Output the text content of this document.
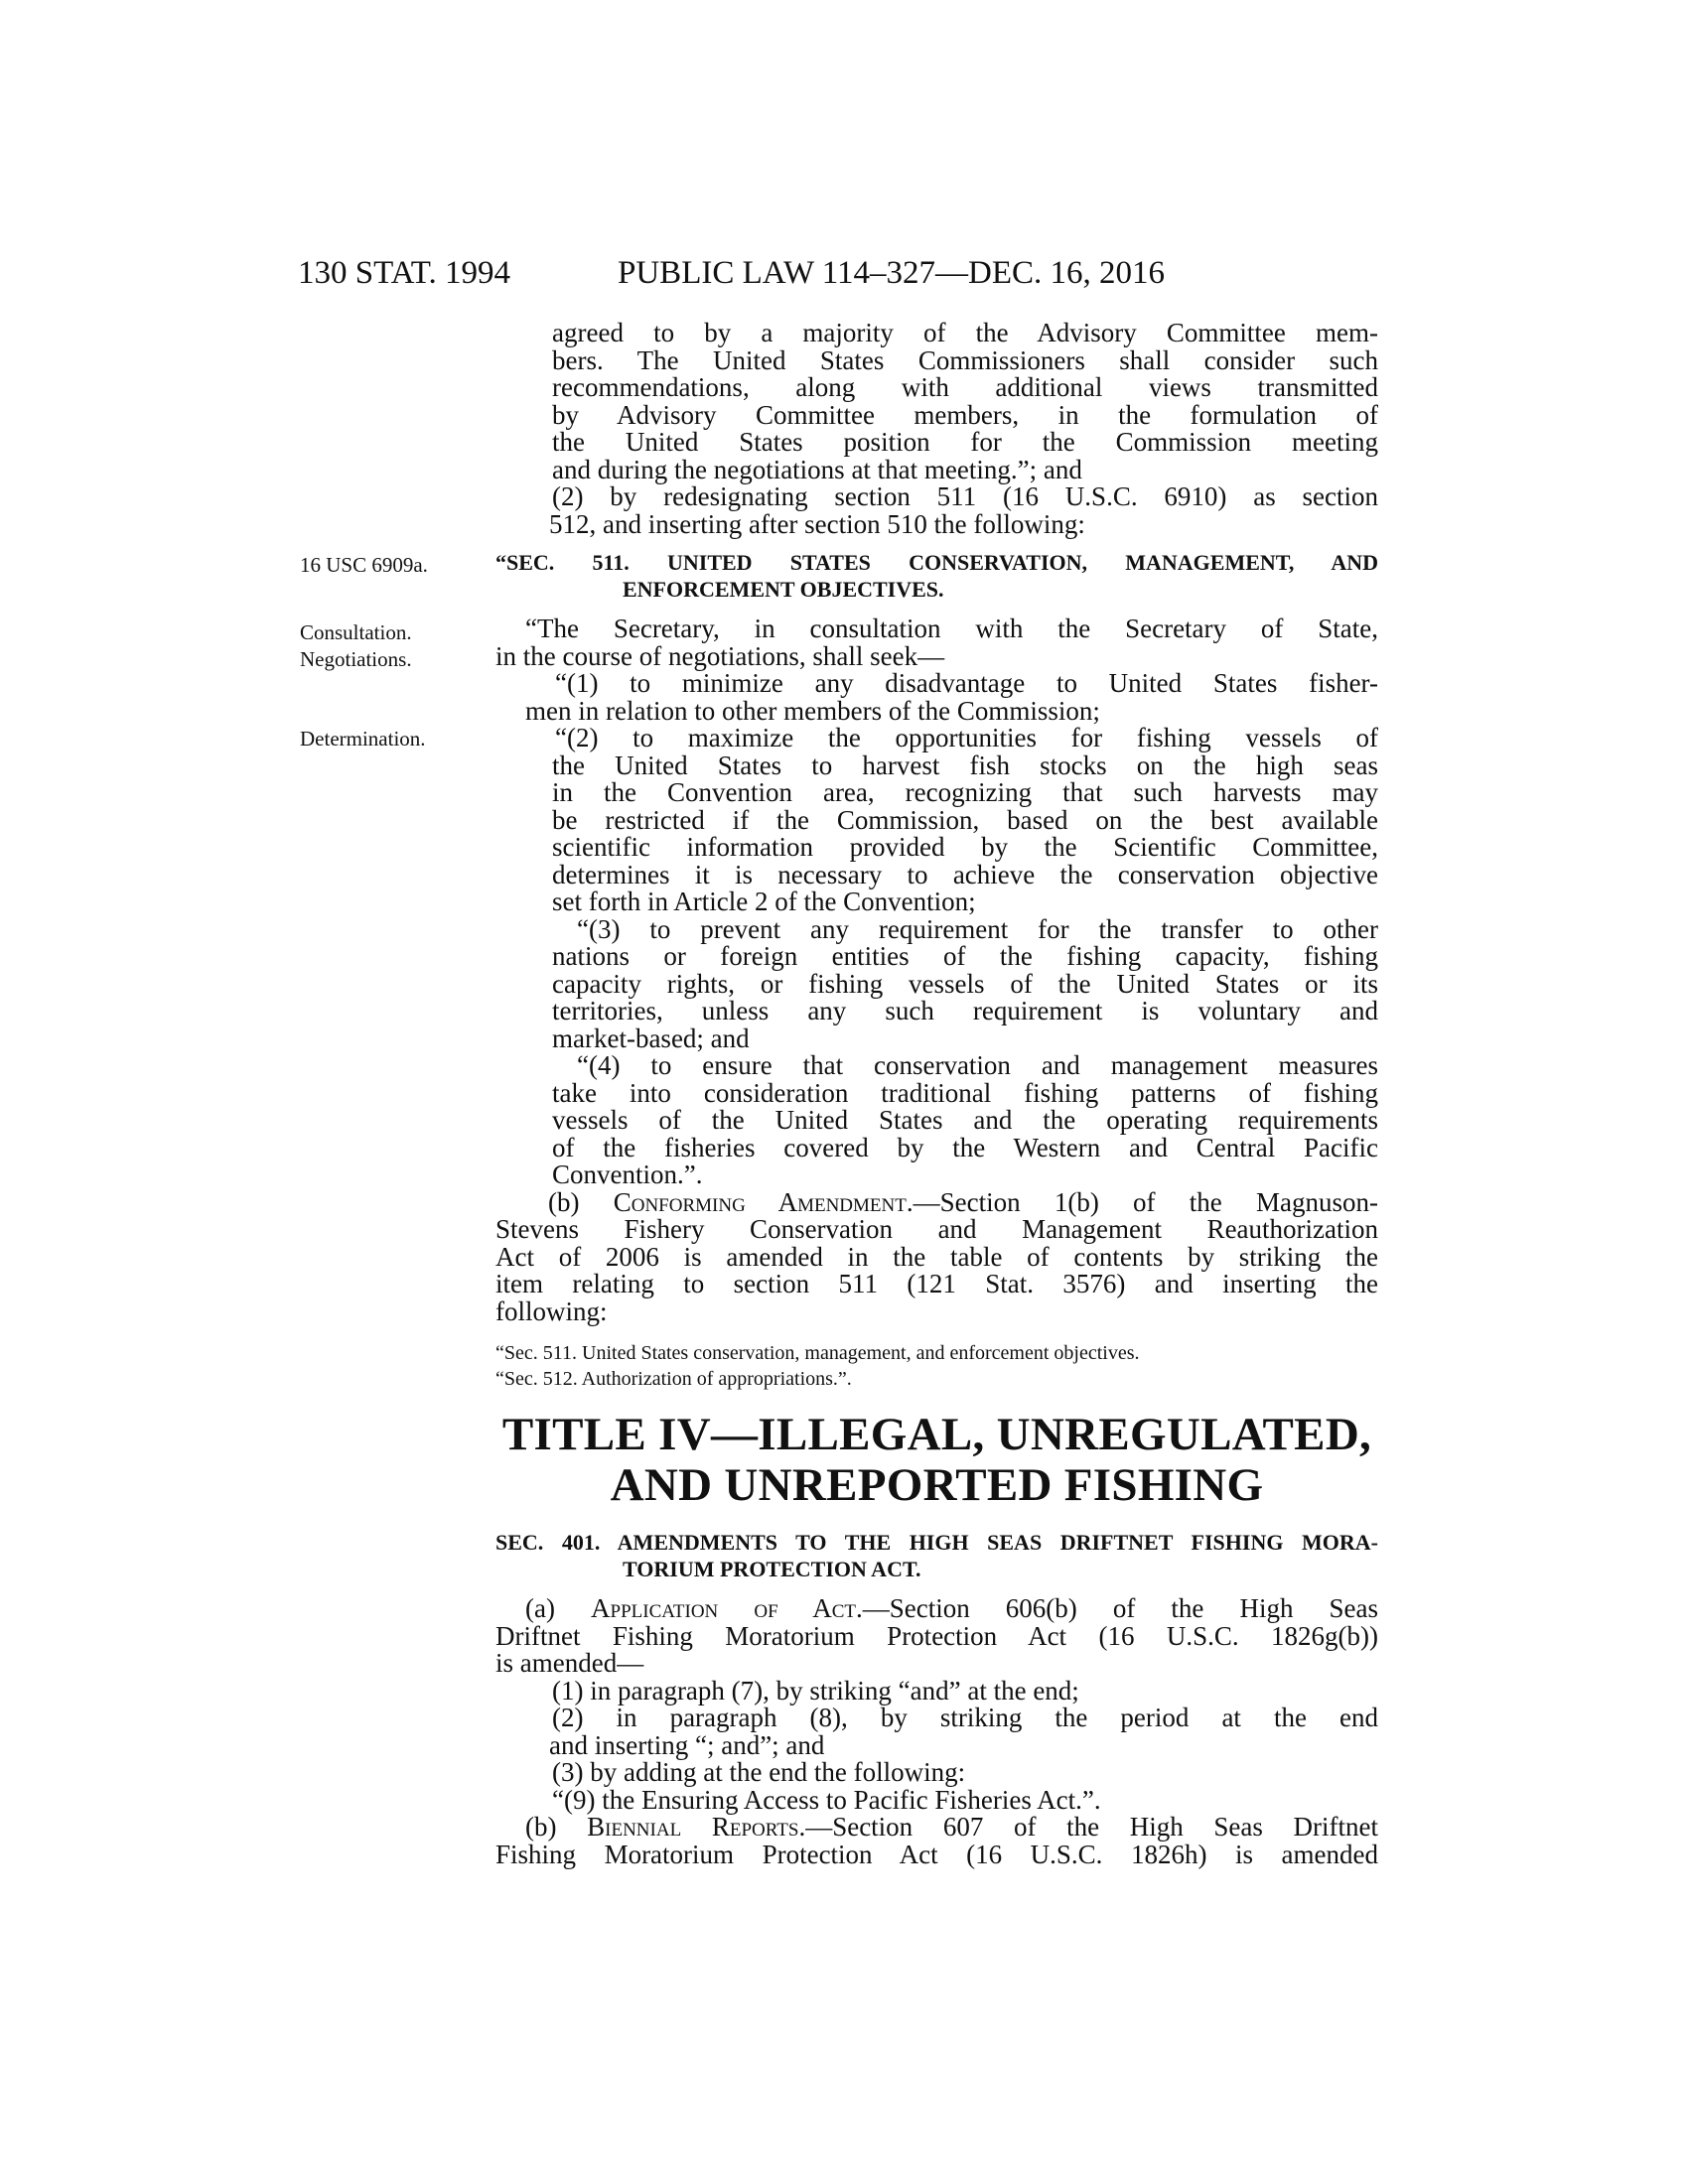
130 STAT. 1994	PUBLIC LAW 114–327—DEC. 16, 2016
16 USC 6909a.
Consultation.
Negotiations.
Determination.
agreed to by a majority of the Advisory Committee mem-
bers. The United States Commissioners shall consider such
recommendations, along with additional views transmitted
by Advisory Committee members, in the formulation of
the United States position for the Commission meeting
and during the negotiations at that meeting.”; and
(2) by redesignating section 511 (16 U.S.C. 6910) as section
512, and inserting after section 510 the following:
“SEC. 511. UNITED STATES CONSERVATION, MANAGEMENT, AND
ENFORCEMENT OBJECTIVES.
“The Secretary, in consultation with the Secretary of State,
in the course of negotiations, shall seek—
“(1) to minimize any disadvantage to United States fisher-
men in relation to other members of the Commission;
“(2) to maximize the opportunities for fishing vessels of
the United States to harvest fish stocks on the high seas
in the Convention area, recognizing that such harvests may
be restricted if the Commission, based on the best available
scientific information provided by the Scientific Committee,
determines it is necessary to achieve the conservation objective
set forth in Article 2 of the Convention;
“(3) to prevent any requirement for the transfer to other
nations or foreign entities of the fishing capacity, fishing
capacity rights, or fishing vessels of the United States or its
territories, unless any such requirement is voluntary and
market-based; and
“(4) to ensure that conservation and management measures
take into consideration traditional fishing patterns of fishing
vessels of the United States and the operating requirements
of the fisheries covered by the Western and Central Pacific
Convention.”.
(b) Conforming Amendment.—Section 1(b) of the Magnuson-
Stevens Fishery Conservation and Management Reauthorization
Act of 2006 is amended in the table of contents by striking the
item relating to section 511 (121 Stat. 3576) and inserting the
following:
“Sec. 511. United States conservation, management, and enforcement objectives.
“Sec. 512. Authorization of appropriations.”.
TITLE IV—ILLEGAL, UNREGULATED,
AND UNREPORTED FISHING
SEC. 401. AMENDMENTS TO THE HIGH SEAS DRIFTNET FISHING MORA-
TORIUM PROTECTION ACT.
(a) Application of Act.—Section 606(b) of the High Seas
Driftnet Fishing Moratorium Protection Act (16 U.S.C. 1826g(b))
is amended—
(1) in paragraph (7), by striking “and” at the end;
(2) in paragraph (8), by striking the period at the end
and inserting “; and”; and
(3) by adding at the end the following:
“(9) the Ensuring Access to Pacific Fisheries Act.”.
(b) Biennial Reports.—Section 607 of the High Seas Driftnet
Fishing Moratorium Protection Act (16 U.S.C. 1826h) is amended
